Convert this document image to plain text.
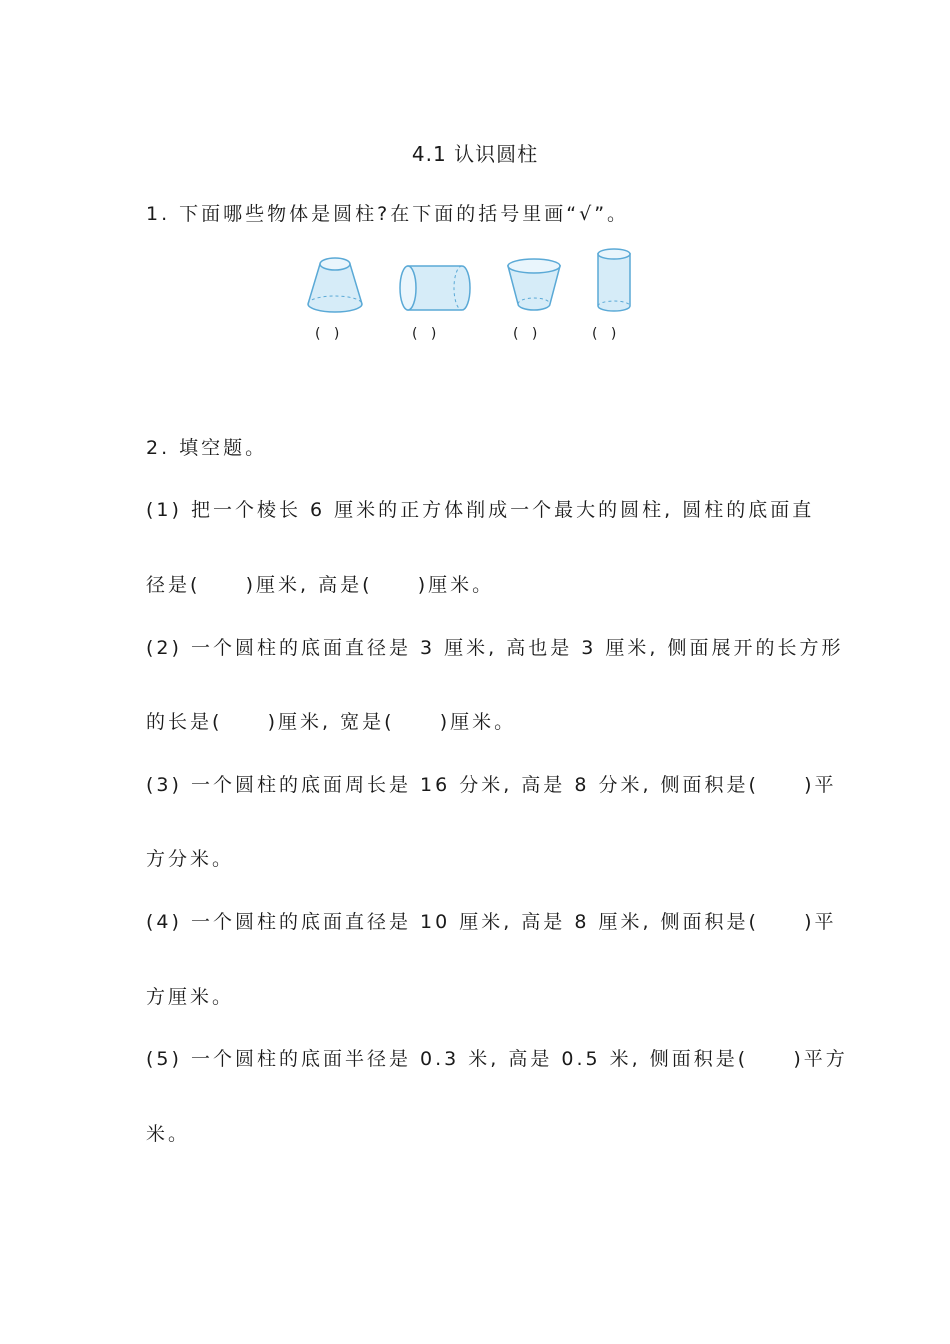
4.1 认识圆柱
1. 下面哪些物体是圆柱?在下面的括号里画“√”。
(   )	(   )	(   )	(   )
2. 填空题。
(1) 把一个棱长 6 厘米的正方体削成一个最大的圆柱, 圆柱的底面直
径是(     )厘米, 高是(     )厘米。
(2) 一个圆柱的底面直径是 3 厘米, 高也是 3 厘米, 侧面展开的长方形
的长是(     )厘米, 宽是(     )厘米。
(3) 一个圆柱的底面周长是 16 分米, 高是 8 分米, 侧面积是(     )平
方分米。
(4) 一个圆柱的底面直径是 10 厘米, 高是 8 厘米, 侧面积是(     )平
方厘米。
(5) 一个圆柱的底面半径是 0.3 米, 高是 0.5 米, 侧面积是(     )平方
米。
